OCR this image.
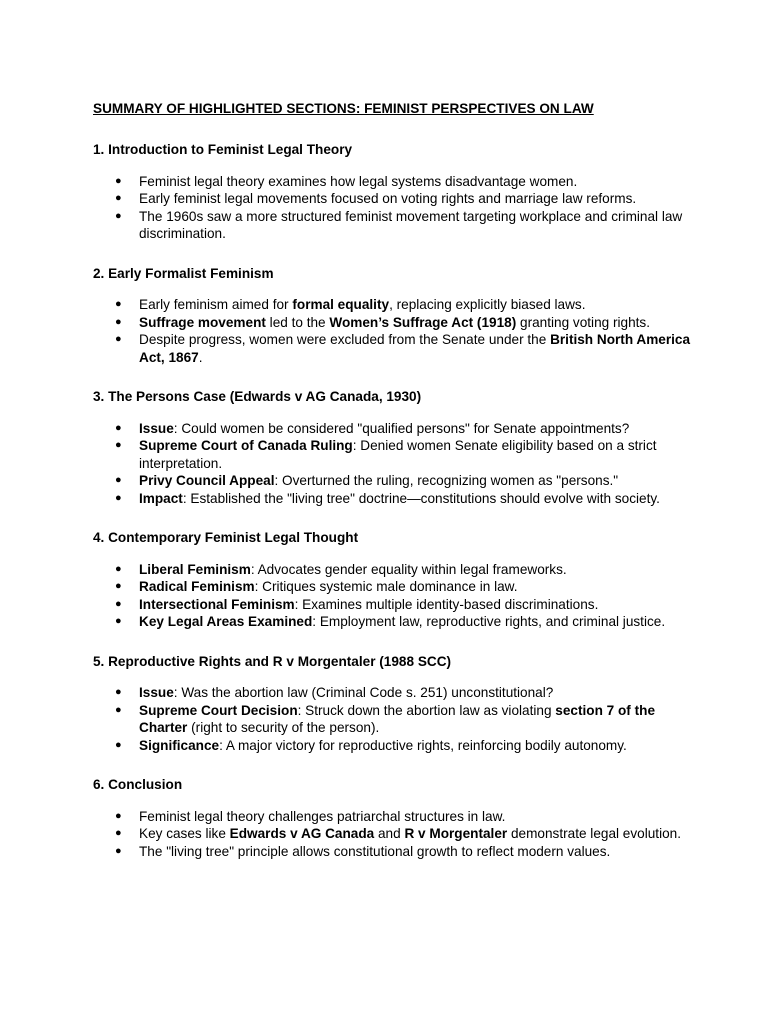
SUMMARY OF HIGHLIGHTED SECTIONS: FEMINIST PERSPECTIVES ON LAW
1. Introduction to Feminist Legal Theory
● Feminist legal theory examines how legal systems disadvantage women.
● Early feminist legal movements focused on voting rights and marriage law reforms.
● The 1960s saw a more structured feminist movement targeting workplace and criminal law discrimination.
2. Early Formalist Feminism
● Early feminism aimed for formal equality, replacing explicitly biased laws.
● Suffrage movement led to the Women’s Suffrage Act (1918) granting voting rights.
● Despite progress, women were excluded from the Senate under the British North America Act, 1867.
3. The Persons Case (Edwards v AG Canada, 1930)
● Issue: Could women be considered "qualified persons" for Senate appointments?
● Supreme Court of Canada Ruling: Denied women Senate eligibility based on a strict interpretation.
● Privy Council Appeal: Overturned the ruling, recognizing women as "persons."
● Impact: Established the "living tree" doctrine—constitutions should evolve with society.
4. Contemporary Feminist Legal Thought
● Liberal Feminism: Advocates gender equality within legal frameworks.
● Radical Feminism: Critiques systemic male dominance in law.
● Intersectional Feminism: Examines multiple identity-based discriminations.
● Key Legal Areas Examined: Employment law, reproductive rights, and criminal justice.
5. Reproductive Rights and R v Morgentaler (1988 SCC)
● Issue: Was the abortion law (Criminal Code s. 251) unconstitutional?
● Supreme Court Decision: Struck down the abortion law as violating section 7 of the Charter (right to security of the person).
● Significance: A major victory for reproductive rights, reinforcing bodily autonomy.
6. Conclusion
● Feminist legal theory challenges patriarchal structures in law.
● Key cases like Edwards v AG Canada and R v Morgentaler demonstrate legal evolution.
● The "living tree" principle allows constitutional growth to reflect modern values.
